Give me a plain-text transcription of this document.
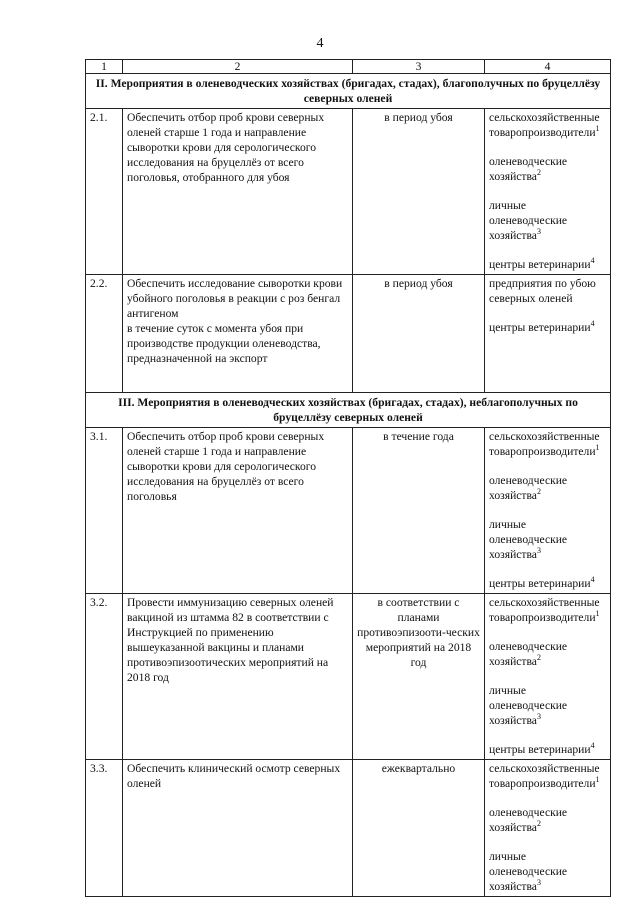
4
1	2	3	4
II. Мероприятия в оленеводческих хозяйствах (бригадах, стадах), благополучных по бруцеллёзу северных оленей			
2.1.	Обеспечить отбор проб крови северных оленей старше 1 года и направление сыворотки крови для серологического исследования на бруцеллёз от всего поголовья, отобранного для убоя	в период убоя	сельскохозяйственные товаропроизводители$^1$
оленеводческие хозяйства$^2$
личные оленеводческие хозяйства$^3$
центры ветеринарии$^4$

2.2.	Обеспечить исследование сыворотки крови убойного поголовья в реакции с роз бенгал антигеном
в течение суток с момента убоя при производстве продукции оленеводства, предназначенной на экспорт	в период убоя	предприятия по убою северных оленей
центры ветеринарии$^4$

III. Мероприятия в оленеводческих хозяйствах (бригадах, стадах), неблагополучных по бруцеллёзу северных оленей			
3.1.	Обеспечить отбор проб крови северных оленей старше 1 года и направление сыворотки крови для серологического исследования на бруцеллёз от всего поголовья	в течение года	сельскохозяйственные товаропроизводители$^1$
оленеводческие хозяйства$^2$
личные оленеводческие хозяйства$^3$
центры ветеринарии$^4$

3.2.	Провести иммунизацию северных оленей вакциной из штамма 82 в соответствии с Инструкцией по применению вышеуказанной вакцины и планами противоэпизоотических мероприятий на 2018 год	в соответствии с планами противоэпизооти-ческих мероприятий на 2018 год	сельскохозяйственные товаропроизводители$^1$
оленеводческие хозяйства$^2$
личные оленеводческие хозяйства$^3$
центры ветеринарии$^4$

3.3.	Обеспечить клинический осмотр северных оленей	ежеквартально	сельскохозяйственные товаропроизводители$^1$
оленеводческие хозяйства$^2$
личные оленеводческие хозяйства$^3$
